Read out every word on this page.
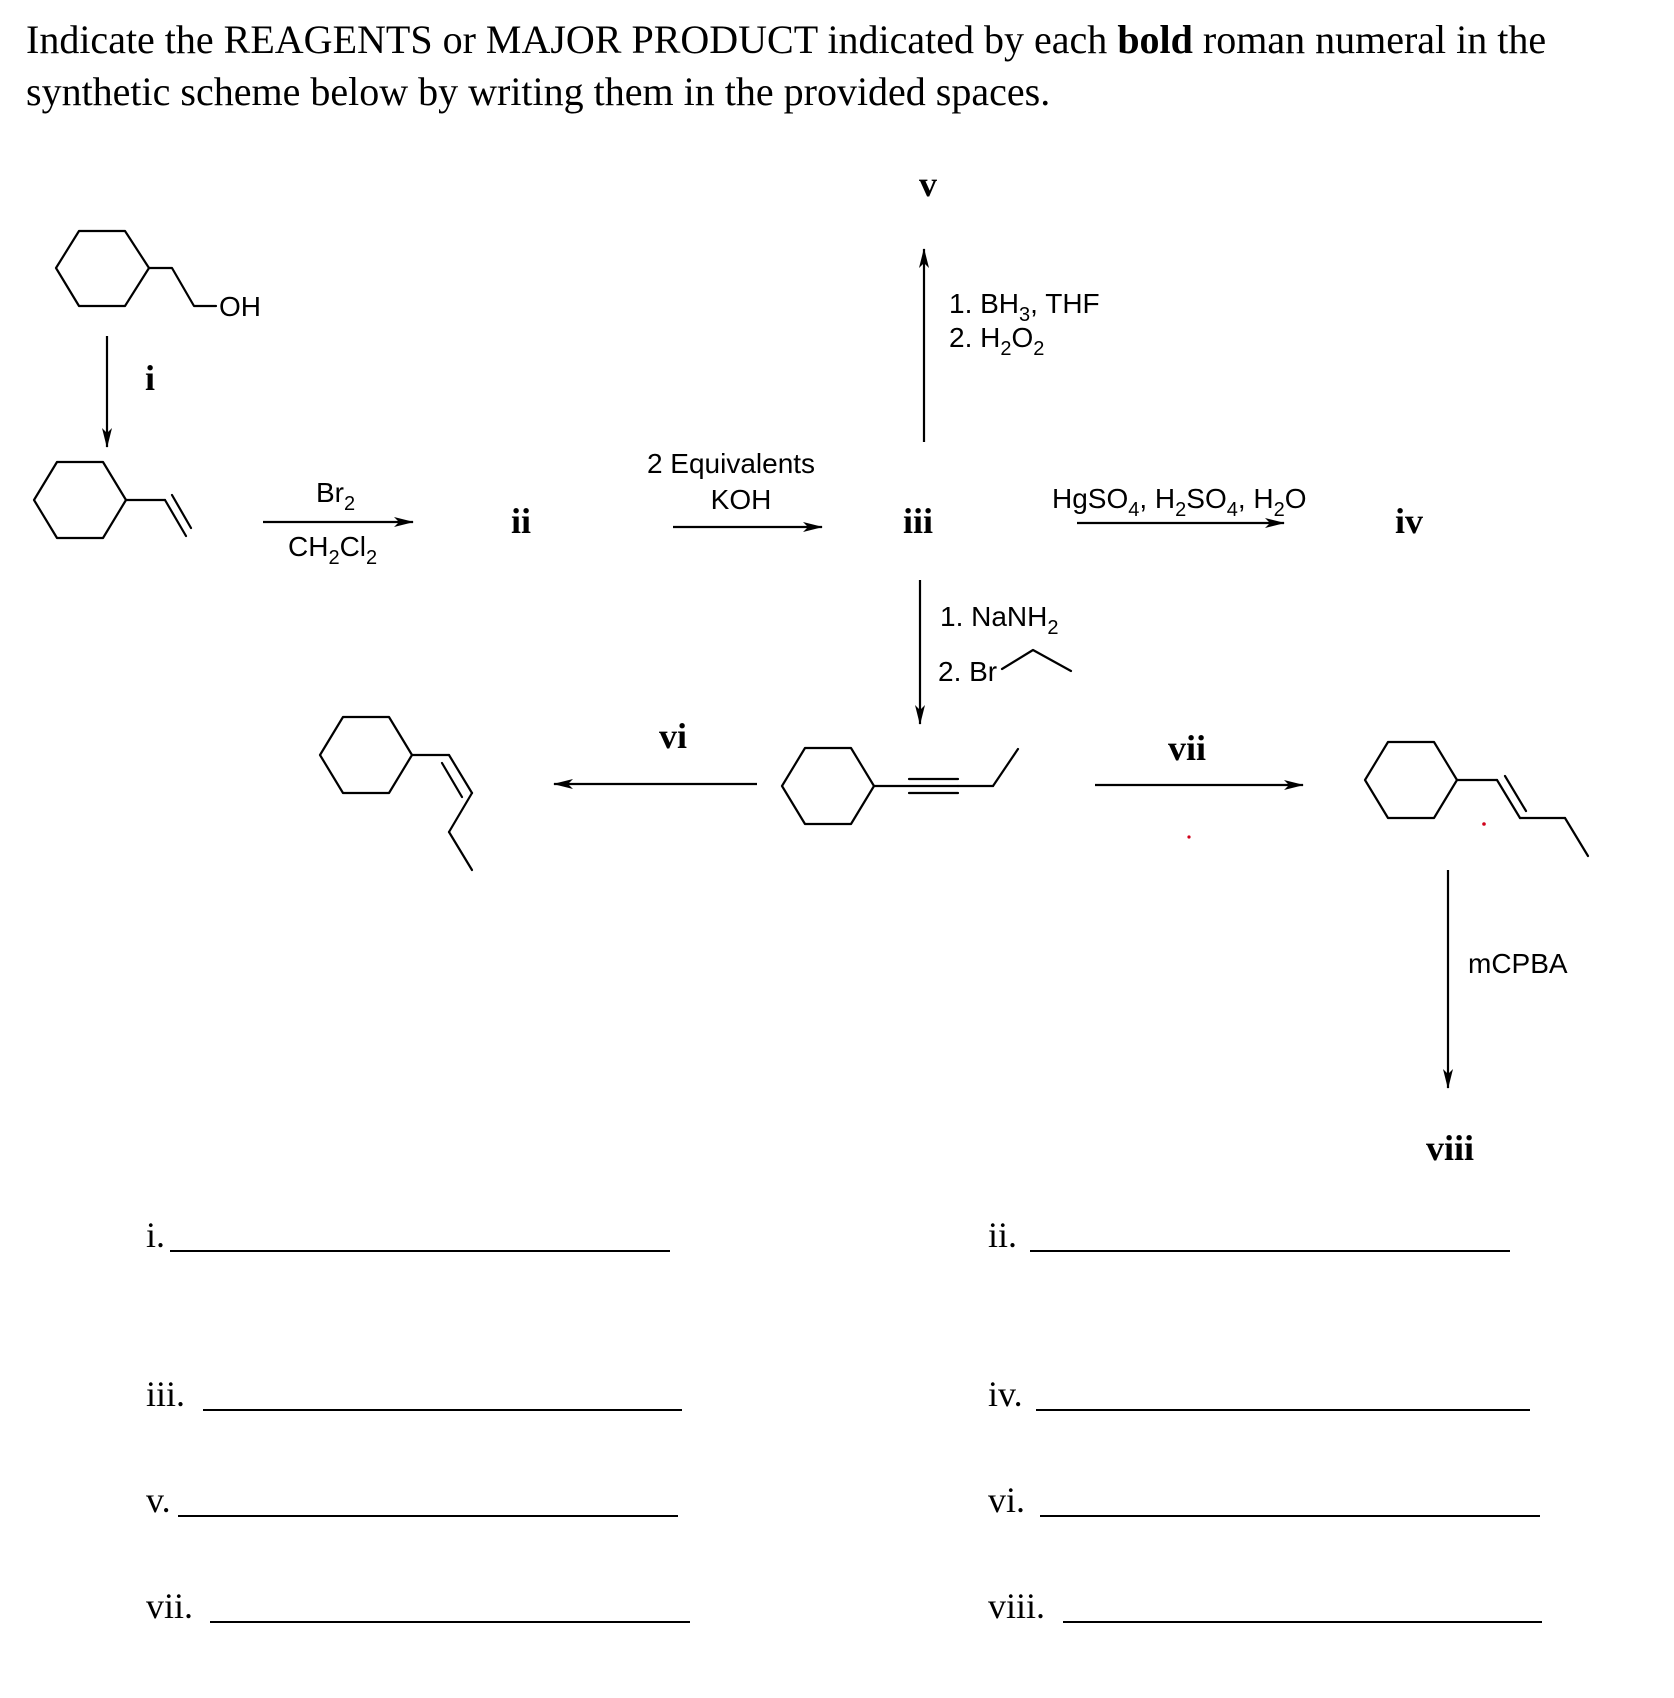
Indicate the REAGENTS or MAJOR PRODUCT indicated by each bold roman numeral in the synthetic scheme below by writing them in the provided spaces.
OH
i
$Br_2$
$CH_2Cl_2$
ii
2 Equivalents
KOH
iii
v
1. $BH_3$, THF
2. $H_2O_2$
HgSO$_4$, $H_2SO_4$, $H_2O$
iv
1. NaNH$_2$
2. Br
vi	vii
mCPBA
viii
i.	ii.
iii.	iv.
v.	vi.
vii.	viii.
